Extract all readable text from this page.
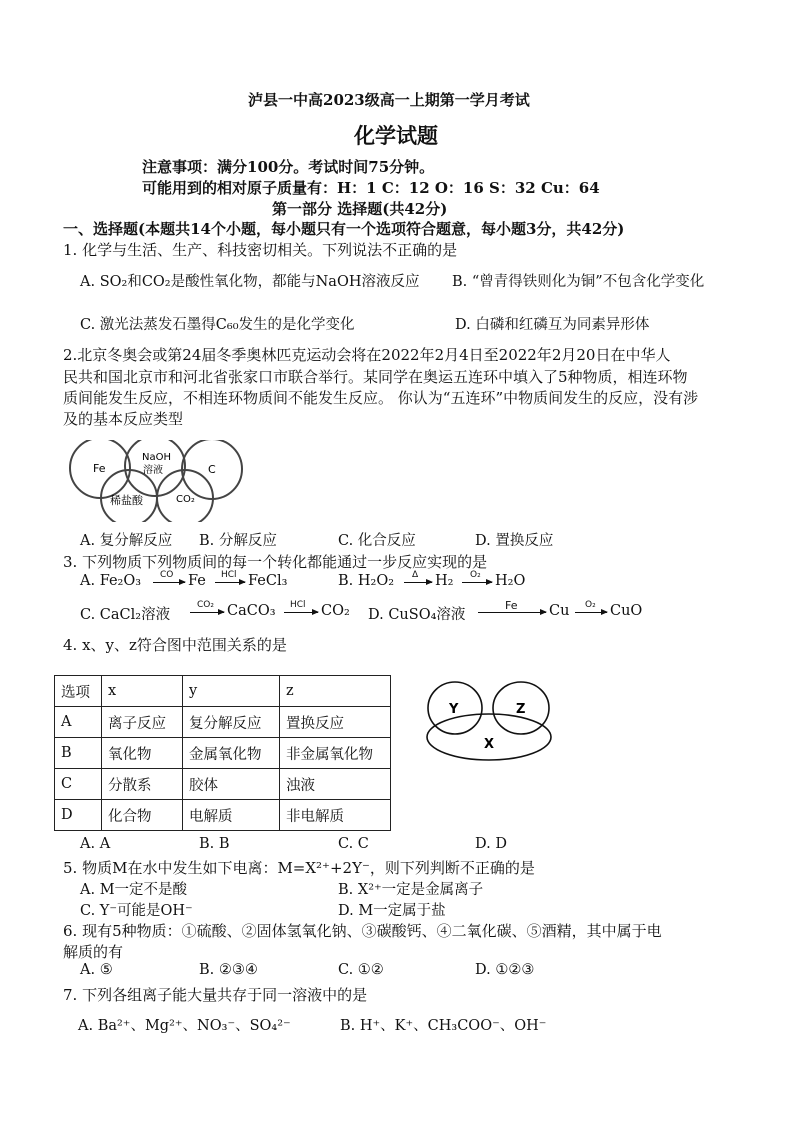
泸县一中高2023级高一上期第一学月考试
化学试题
注意事项：满分100分。考试时间75分钟。
可能用到的相对原子质量有：H：1 C：12 O：16 S：32 Cu：64
第一部分 选择题(共42分)
一、选择题(本题共14个小题，每小题只有一个选项符合题意，每小题3分，共42分)
1. 化学与生活、生产、科技密切相关。下列说法不正确的是
A. SO₂和CO₂是酸性氧化物，都能与NaOH溶液反应 B. “曾青得铁则化为铜”不包含化学变化
C. 激光法蒸发石墨得C₆₀发生的是化学变化	D. 白磷和红磷互为同素异形体
2.北京冬奥会或第24届冬季奥林匹克运动会将在2022年2月4日至2022年2月20日在中华人
民共和国北京市和河北省张家口市联合举行。某同学在奥运五连环中填入了5种物质，相连环物
质间能发生反应，不相连环物质间不能发生反应。 你认为“五连环”中物质间发生的反应，没有涉
及的基本反应类型
Fe
NaOH
溶液	C
稀盐酸	CO₂
A. 复分解反应 B. 分解反应	C. 化合反应	D. 置换反应
3. 下列物质下列物质间的每一个转化都能通过一步反应实现的是
A. Fe₂O₃ CO Fe HCl FeCl₃	B. H₂O₂ Δ H₂ O₂ H₂O
C. CaCl₂溶液
CO₂ CaCO₃ HCl CO₂ D. CuSO₄溶液
Fe Cu O₂ CuO
4. x、y、z符合图中范围关系的是
选项	x	y	z
A	离子反应	复分解反应	置换反应
B	氧化物	金属氧化物	非金属氧化物
C	分散系	胶体	浊液
D	化合物	电解质	非电解质
Y	Z
X
A. A	B. B	C. C	D. D
5. 物质M在水中发生如下电离：M=X²⁺+2Y⁻，则下列判断不正确的是
A. M一定不是酸	B. X²⁺一定是金属离子
C. Y⁻可能是OH⁻	D. M一定属于盐
6. 现有5种物质：①硫酸、②固体氢氧化钠、③碳酸钙、④二氧化碳、⑤酒精，其中属于电
解质的有
A. ⑤	B. ②③④	C. ①②	D. ①②③
7. 下列各组离子能大量共存于同一溶液中的是
A. Ba²⁺、Mg²⁺、NO₃⁻、SO₄²⁻	B. H⁺、K⁺、CH₃COO⁻、OH⁻
